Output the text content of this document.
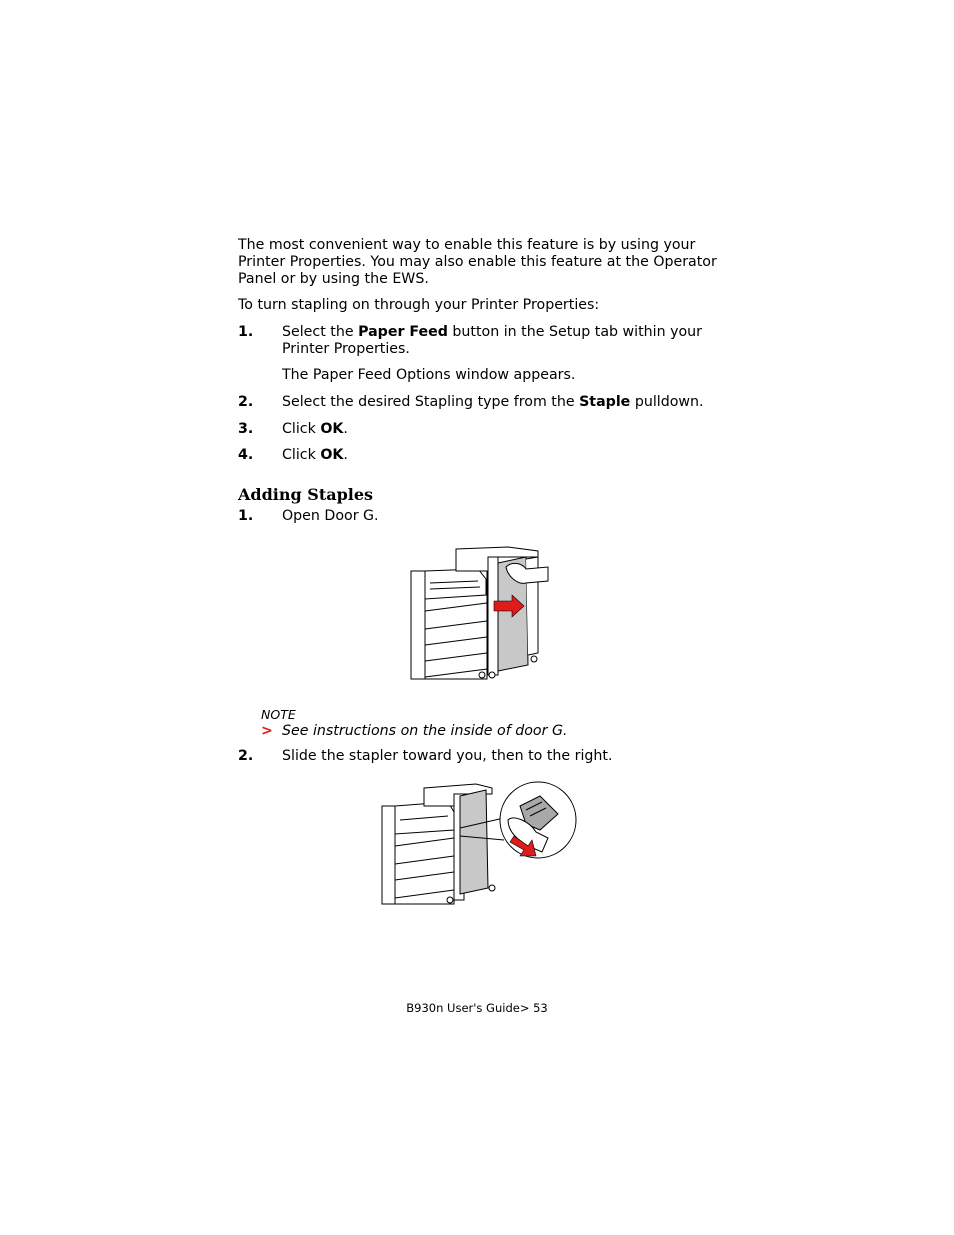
The most convenient way to enable this feature is by using your
Printer Properties. You may also enable this feature at the Operator
Panel or by using the EWS.
To turn stapling on through your Printer Properties:
1. Select the Paper Feed button in the Setup tab within your
Printer Properties.
The Paper Feed Options window appears.
2. Select the desired Stapling type from the Staple pulldown.
3. Click OK.
4. Click OK.
Adding Staples
1. Open Door G.
NOTE
> See instructions on the inside of door G.
2. Slide the stapler toward you, then to the right.
B930n User's Guide> 53
